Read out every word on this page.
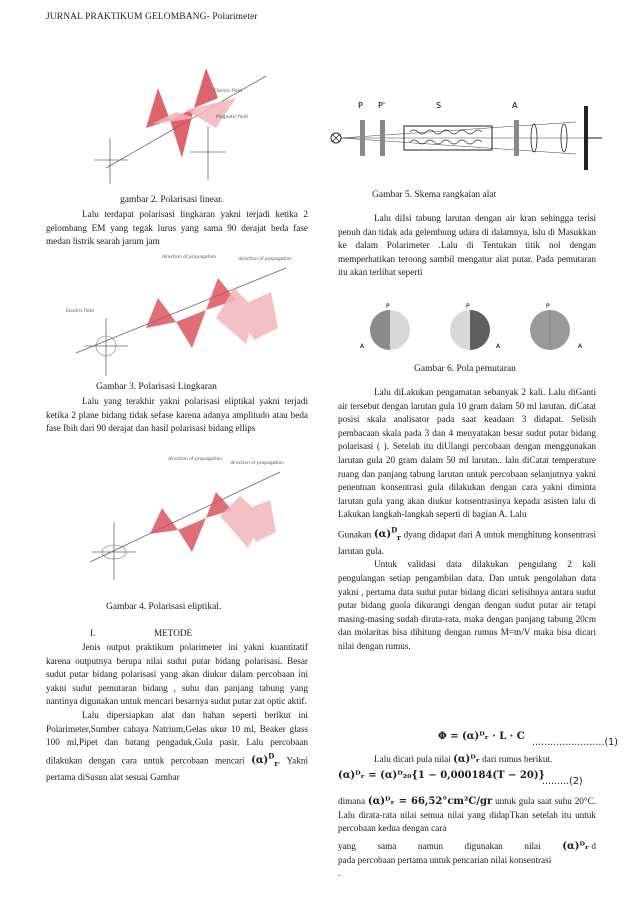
JURNAL PRAKTIKUM GELOMBANG- Polarimeter
Electric field
Magnetic field
gambar 2. Polarisasi linear.

Lalu terdapat polarisasi lingkaran yakni terjadi ketika 2 gelombang EM yang tegak lurus yang sama 90 derajat beda fase medan listrik searah jarum jam

direction of propagation	direction of propagation
Electric field
Gambar 3. Polarisasi Lingkaran

Lalu yang terakhir yakni polarisasi eliptikal yakni terjadi ketika 2 plane bidang tidak sefase karena adanya amplitudo atau beda fase Ibih dari 90 derajat dan hasil polarisasi bidang ellips

direction of propagation
direction of propagation
Gambar 4. Polarisasi eliptikal.
I.	METODE

Jenis output praktikum polarimeter ini yakni kuantitatif karena outputnya berupa nilai sudut putar bidang polarisasi. Besar sudut putar bidang polarisasi yang akan diukur dalam percobaan ini yakni sudut pemutaran bidang , suhu dan panjang tabung yang nantinya digunakan untuk mencari besarnya sudut putar zat optic aktif.

Lalu dipersiapkan alat dan bahan seperti berikut ini Polarimeter,Sumber cahaya Natrium,Gelas ukur 10 ml, Beaker glass 100 ml,Pipet dan batang pengaduk,Gula pasir. Lalu percobaan dilakukan dengan cara untuk percobaan mencari $(\alpha)^D_r$. Yakni pertama diSusun alat sesuai Gambar

P P'	S	A
Gambar 5. Skema rangkaian alat

Lalu diIsi tabung larutan dengan air kran sehingga terisi penuh dan tidak ada gelembung udara di dalamnya, lslu di Masukkan ke dalam Polarimeter .Lalu di Tentukan titik nol dengan memperhatikan teroong sambil mengatur alat putar. Pada pemutaran itu akan terlihat seperti

P
A
P
A
P
A
Gambar 6. Pola pemutaran

Lalu diLakukan pengamatan sebanyak 2 kali. Lalu diGanti air tersebut dengan larutan gula 10 gram dalam 50 ml larutan. diCatat posisi skala analisator pada saat keadaan 3 didapat. Selisih pembacaan skala pada 3 dan 4 menyatakan besar sudut putar bidang polarisasi ( ). Setelah itu diUlangi percobaan dengan menggunakan larutan gula 20 gram dalam 50 ml larutan.. lalu diCatat temperature ruang dan panjang tabung larutan untuk percobaan selanjutnya yakni penentuan konsentrasi gula dilakukan dengan cara yakni diminta larutan gula yang akan diukur konsentrasinya kepada asisten lalu di Lakukan langkah-langkah seperti di bagian A. Lalu

Gunakan $(\alpha)^D_r$ dyang didapat dari A untuk menghitung konsentrasi larutan gula.

Untuk validasi data dilakukan pengulang 2 kali pengulangan setiap pengambilan data. Dan untuk pengolahan data yakni , pertama data sudut putar bidang dicari selisihnya antara sudut putar bidang guola dikurangi dengan dengan sudut putar air tetapi masing-masing sudah dirata-rata, maka dengan panjang tabung 20cm dan molaritas bisa dihitung dengan rumus M=m/V maka bisa dicari nilai dengan rumus.

Φ = (α)ᴰᵣ · L · C
........................(1)

Lalu dicari pula nilai (α)ᴰᵣ dari rumus berikut.

(α)ᴰᵣ = (α)ᴰ₂₀{1 − 0,000184(T − 20)}
.........(2)

dimana (α)ᴰᵣ = 66,52°cm²C/gr untuk gula saat suhu 20°C. Lalu dirata-rata nilai semua nilai yang didapTkan setelah itu untuk percobaan kedua dengan cara

yang sama namun digunakan nilai (α)ᴰᵣ d

pada percobaan pertama untuk pencarian nilai konsentrasi

.
